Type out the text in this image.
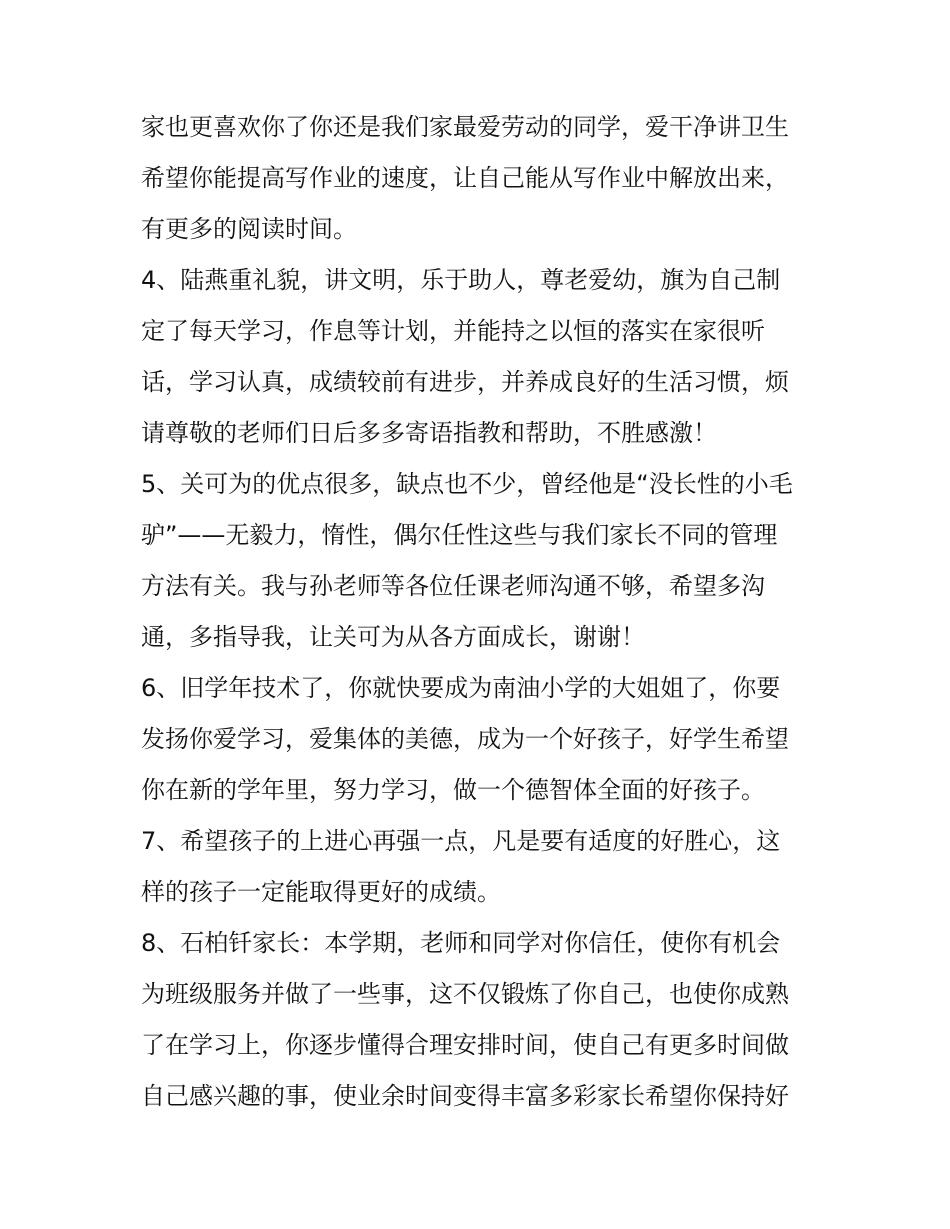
家也更喜欢你了你还是我们家最爱劳动的同学，爱干净讲卫生
希望你能提高写作业的速度，让自己能从写作业中解放出来，
有更多的阅读时间。
4、陆燕重礼貌，讲文明，乐于助人，尊老爱幼，旗为自己制
定了每天学习，作息等计划，并能持之以恒的落实在家很听
话，学习认真，成绩较前有进步，并养成良好的生活习惯，烦
请尊敬的老师们日后多多寄语指教和帮助，不胜感激！
5、关可为的优点很多，缺点也不少，曾经他是“没长性的小毛
驴”——无毅力，惰性，偶尔任性这些与我们家长不同的管理
方法有关。我与孙老师等各位任课老师沟通不够，希望多沟
通，多指导我，让关可为从各方面成长，谢谢！
6、旧学年技术了，你就快要成为南油小学的大姐姐了，你要
发扬你爱学习，爱集体的美德，成为一个好孩子，好学生希望
你在新的学年里，努力学习，做一个德智体全面的好孩子。
7、希望孩子的上进心再强一点，凡是要有适度的好胜心，这
样的孩子一定能取得更好的成绩。
8、石柏钎家长：本学期，老师和同学对你信任，使你有机会
为班级服务并做了一些事，这不仅锻炼了你自己，也使你成熟
了在学习上，你逐步懂得合理安排时间，使自己有更多时间做
自己感兴趣的事，使业余时间变得丰富多彩家长希望你保持好
